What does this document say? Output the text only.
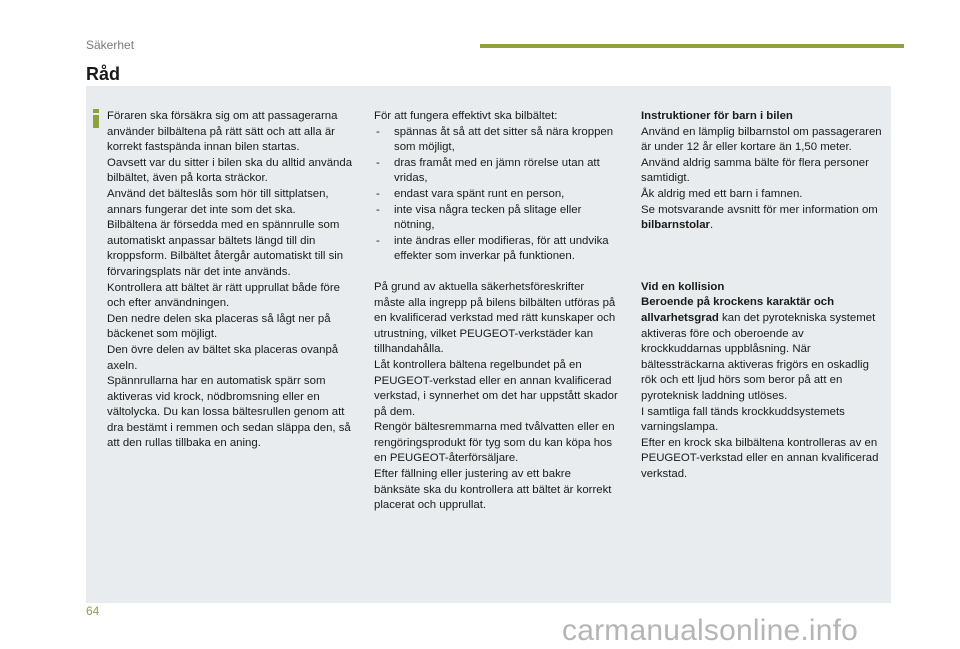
Säkerhet
Råd

Föraren ska försäkra sig om att passagerarna använder bilbältena på rätt sätt och att alla är korrekt fastspända innan bilen startas.

Oavsett var du sitter i bilen ska du alltid använda bilbältet, även på korta sträckor.

Använd det bälteslås som hör till sittplatsen, annars fungerar det inte som det ska.

Bilbältena är försedda med en spännrulle som automatiskt anpassar bältets längd till din kroppsform. Bilbältet återgår automatiskt till sin förvaringsplats när det inte används.

Kontrollera att bältet är rätt upprullat både före och efter användningen.

Den nedre delen ska placeras så lågt ner på bäckenet som möjligt.

Den övre delen av bältet ska placeras ovanpå axeln.

Spännrullarna har en automatisk spärr som aktiveras vid krock, nödbromsning eller en vältolycka. Du kan lossa bältesrullen genom att dra bestämt i remmen och sedan släppa den, så att den rullas tillbaka en aning.

För att fungera effektivt ska bilbältet:

- spännas åt så att det sitter så nära kroppen som möjligt,
- dras framåt med en jämn rörelse utan att vridas,
- endast vara spänt runt en person,
- inte visa några tecken på slitage eller nötning,
- inte ändras eller modifieras, för att undvika effekter som inverkar på funktionen.

På grund av aktuella säkerhetsföreskrifter måste alla ingrepp på bilens bilbälten utföras på en kvalificerad verkstad med rätt kunskaper och utrustning, vilket PEUGEOT-verkstäder kan tillhandahålla.

Låt kontrollera bältena regelbundet på en PEUGEOT-verkstad eller en annan kvalificerad verkstad, i synnerhet om det har uppstått skador på dem.

Rengör bältesremmarna med tvålvatten eller en rengöringsprodukt för tyg som du kan köpa hos en PEUGEOT-återförsäljare.

Efter fällning eller justering av ett bakre bänksäte ska du kontrollera att bältet är korrekt placerat och upprullat.

Instruktioner för barn i bilen

Använd en lämplig bilbarnstol om passageraren är under 12 år eller kortare än 1,50 meter.

Använd aldrig samma bälte för flera personer samtidigt.

Åk aldrig med ett barn i famnen.

Se motsvarande avsnitt för mer information om bilbarnstolar.

Vid en kollision

Beroende på krockens karaktär och allvarhetsgrad kan det pyrotekniska systemet aktiveras före och oberoende av krockkuddarnas uppblåsning. När bältessträckarna aktiveras frigörs en oskadlig rök och ett ljud hörs som beror på att en pyroteknisk laddning utlöses.

I samtliga fall tänds krockkuddsystemets varningslampa.

Efter en krock ska bilbältena kontrolleras av en PEUGEOT-verkstad eller en annan kvalificerad verkstad.

64
carmanualsonline.info
